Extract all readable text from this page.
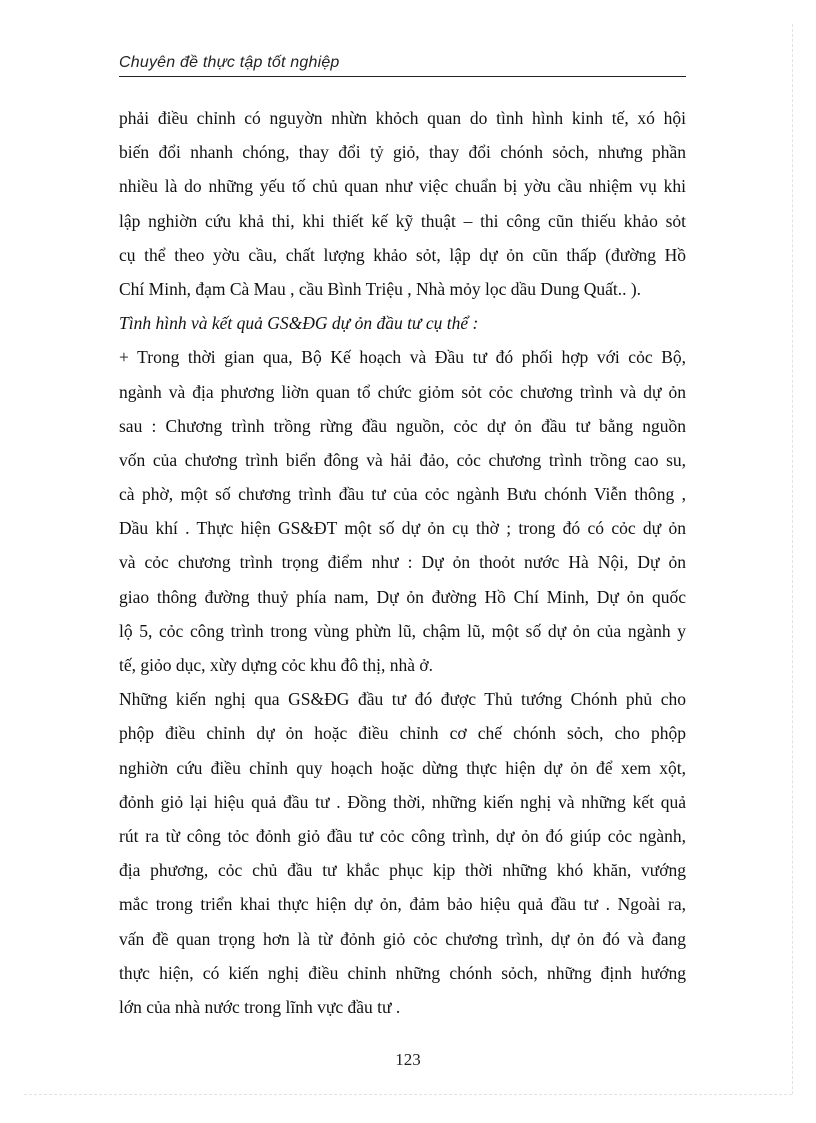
Chuyên đề thực tập tốt nghiệp
phải điều chỉnh có nguyờn nhừn khỏch quan do tình hình kinh tế, xó hội
biến đổi nhanh chóng, thay đổi tỷ giỏ, thay đổi chónh sỏch, nhưng phần
nhiều là do những yếu tố chủ quan như việc chuẩn bị yờu cầu nhiệm vụ khi
lập nghiờn cứu khả thi, khi thiết kế kỹ thuật – thi công cũn thiếu khảo sỏt
cụ thể theo yờu cầu, chất lượng khảo sỏt, lập dự ỏn cũn thấp (đường Hồ
Chí Minh, đạm Cà Mau , cầu Bình Triệu , Nhà mỏy lọc dầu Dung Quất.. ).
Tình hình và kết quả GS&ĐG dự ỏn đầu tư cụ thể :
+ Trong thời gian qua, Bộ Kế hoạch và Đầu tư đó phối hợp với cỏc Bộ,
ngành và địa phương liờn quan tổ chức giỏm sỏt cỏc chương trình và dự ỏn
sau : Chương trình trồng rừng đầu nguồn, cỏc dự ỏn đầu tư bằng nguồn
vốn của chương trình biển đông và hải đảo, cỏc chương trình trồng cao su,
cà phờ, một số chương trình đầu tư của cỏc ngành Bưu chónh Viễn thông ,
Dầu khí . Thực hiện GS&ĐT một số dự ỏn cụ thờ ; trong đó có cỏc dự ỏn
và cỏc chương trình trọng điểm như : Dự ỏn thoỏt nước Hà Nội, Dự ỏn
giao thông đường thuỷ phía nam, Dự ỏn đường Hồ Chí Minh, Dự ỏn quốc
lộ 5, cỏc công trình trong vùng phừn lũ, chậm lũ, một số dự ỏn của ngành y
tế, giỏo dục, xừy dựng cỏc khu đô thị, nhà ở.
Những kiến nghị qua GS&ĐG đầu tư đó được Thủ tướng Chónh phủ cho
phộp điều chỉnh dự ỏn hoặc điều chỉnh cơ chế chónh sỏch, cho phộp
nghiờn cứu điều chỉnh quy hoạch hoặc dừng thực hiện dự ỏn để xem xột,
đỏnh giỏ lại hiệu quả đầu tư . Đồng thời, những kiến nghị và những kết quả
rút ra từ công tỏc đỏnh giỏ đầu tư cỏc công trình, dự ỏn đó giúp cỏc ngành,
địa phương, cỏc chủ đầu tư khắc phục kịp thời những khó khăn, vướng
mắc trong triển khai thực hiện dự ỏn, đảm bảo hiệu quả đầu tư . Ngoài ra,
vấn đề quan trọng hơn là từ đỏnh giỏ cỏc chương trình, dự ỏn đó và đang
thực hiện, có kiến nghị điều chỉnh những chónh sỏch, những định hướng
lớn của nhà nước trong lĩnh vực đầu tư .
123
